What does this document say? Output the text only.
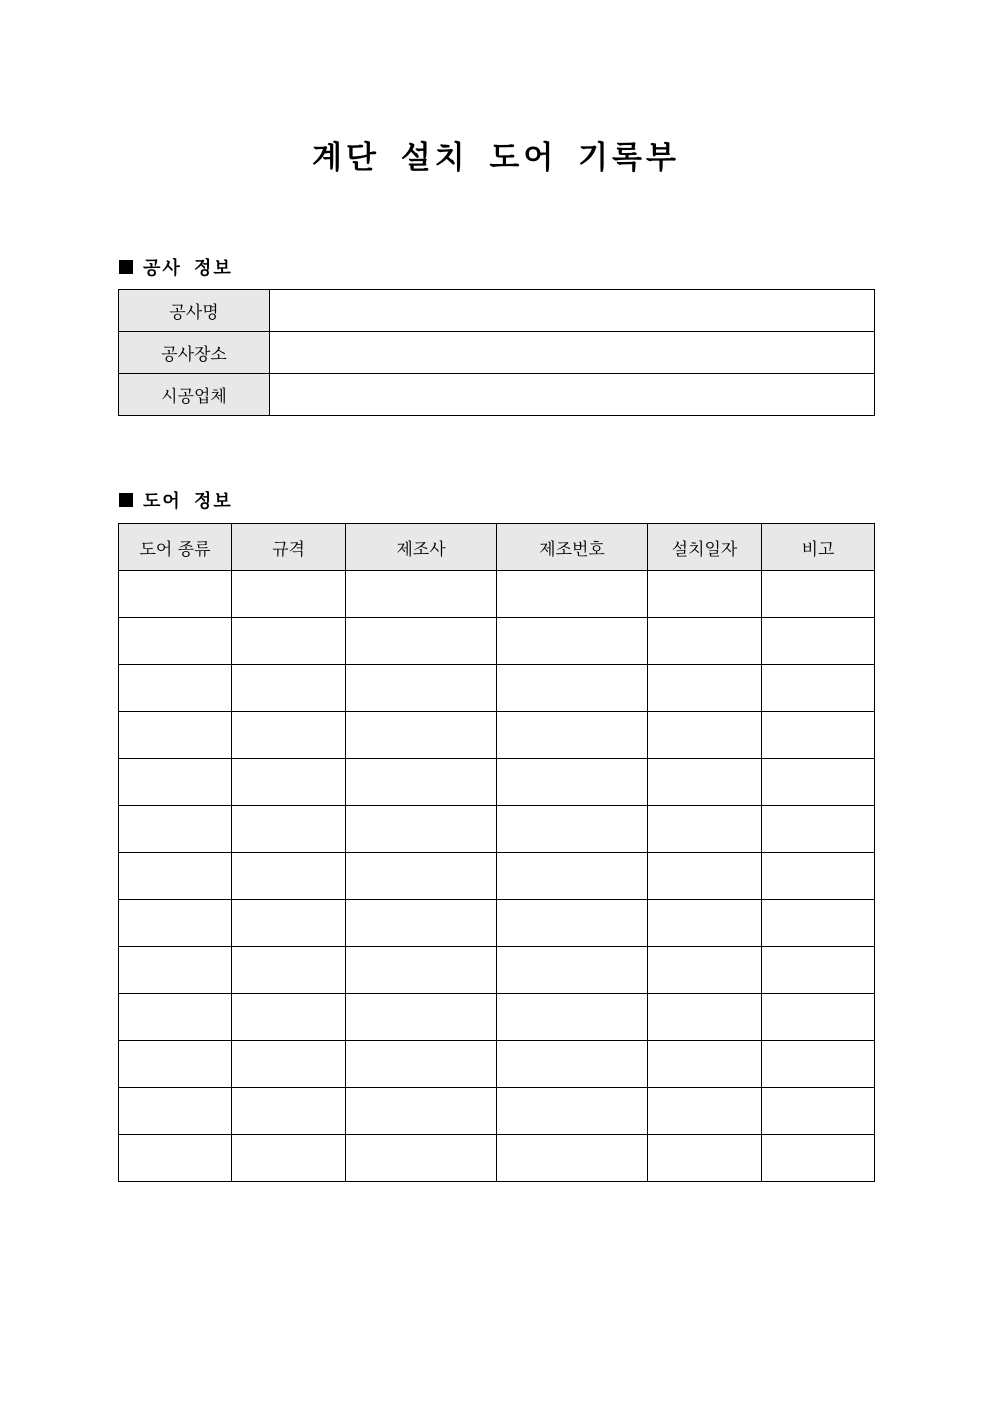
계단 설치 도어 기록부
공사 정보
공사명	
공사장소	
시공업체	
도어 정보
도어 종류	규격	제조사	제조번호	설치일자	비고
